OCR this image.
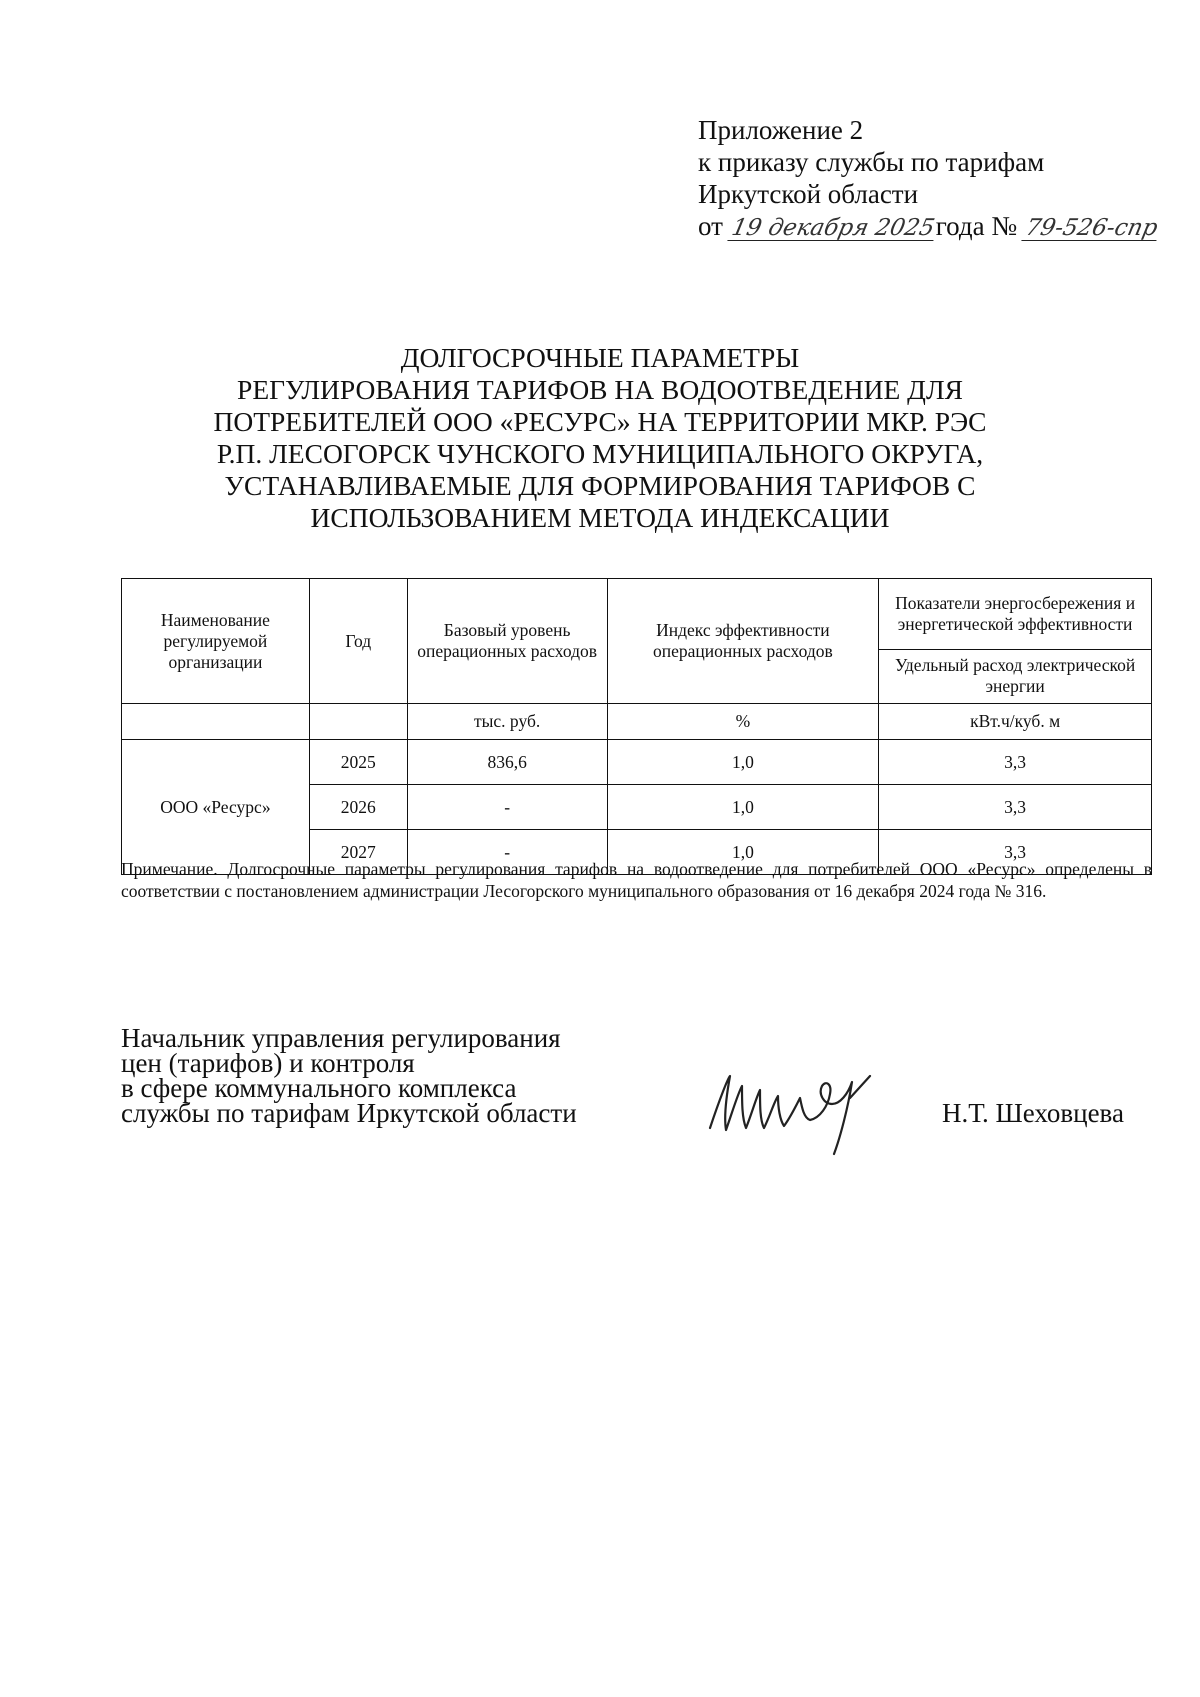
Приложение 2
к приказу службы по тарифам
Иркутской области
от 19 декабря 2025года № 79-526-спр
ДОЛГОСРОЧНЫЕ ПАРАМЕТРЫ
РЕГУЛИРОВАНИЯ ТАРИФОВ НА ВОДООТВЕДЕНИЕ ДЛЯ
ПОТРЕБИТЕЛЕЙ ООО «РЕСУРС» НА ТЕРРИТОРИИ МКР. РЭС
Р.П. ЛЕСОГОРСК ЧУНСКОГО МУНИЦИПАЛЬНОГО ОКРУГА,
УСТАНАВЛИВАЕМЫЕ ДЛЯ ФОРМИРОВАНИЯ ТАРИФОВ С
ИСПОЛЬЗОВАНИЕМ МЕТОДА ИНДЕКСАЦИИ
Наименование регулируемой организации	Год	Базовый уровень операционных расходов	Индекс эффективности операционных расходов	Показатели энергосбережения и энергетической эффективности
				Удельный расход электрической энергии
		тыс. руб.	%	кВт.ч/куб. м
ООО «Ресурс»	2025	836,6	1,0	3,3
	2026	-	1,0	3,3
	2027	-	1,0	3,3
Примечание. Долгосрочные параметры регулирования тарифов на водоотведение для потребителей ООО «Ресурс» определены в соответствии с постановлением администрации Лесогорского муниципального образования от 16 декабря 2024 года № 316.
Начальник управления регулирования
цен (тарифов) и контроля
в сфере коммунального комплекса
службы по тарифам Иркутской области	Н.Т. Шеховцева
